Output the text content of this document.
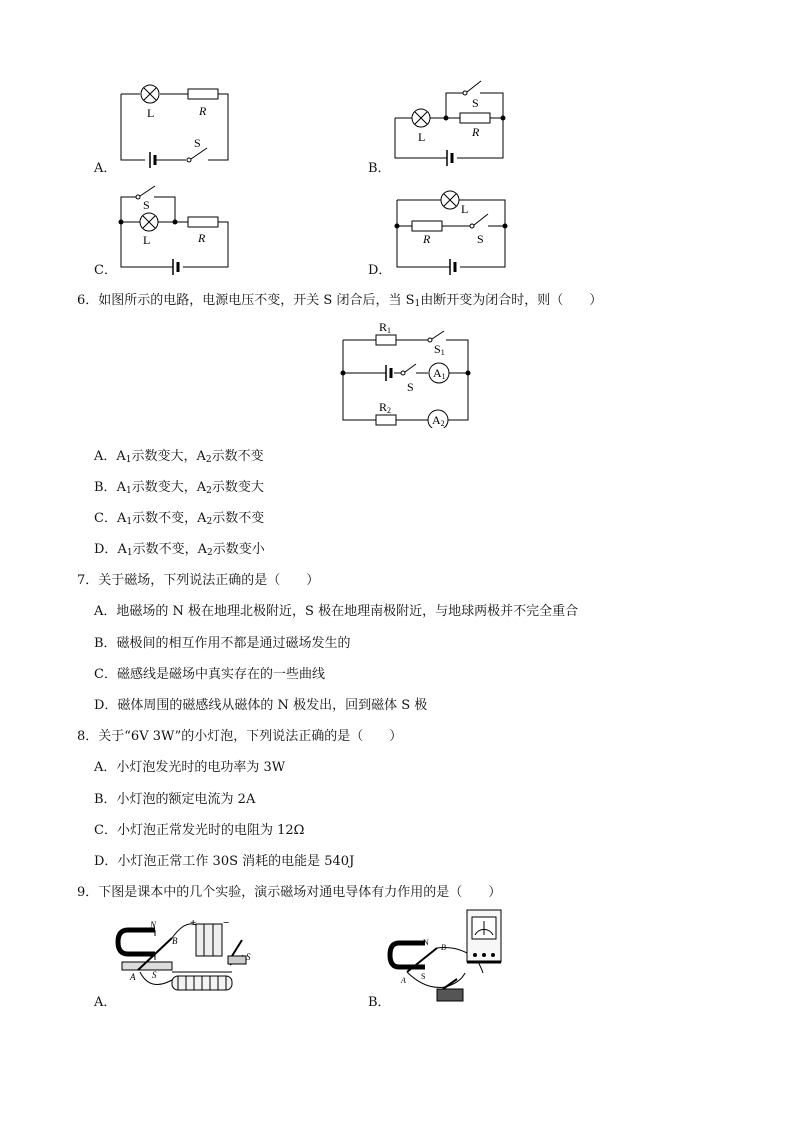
A．
L	R
S
B．
L	R
S
C．
L	R
S
D．
L
R	S
6．如图所示的电路，电源电压不变，开关 S 闭合后，当 $S_1$由断开变为闭合时，则（　　）
R1
S1
S
A1
R2
A2
A．$A_1$示数变大，$A_2$示数不变
B．$A_1$示数变大，$A_2$示数变大
C．$A_1$示数不变，$A_2$示数不变
D．$A_1$示数不变，$A_2$示数变小
7．关于磁场，下列说法正确的是（　　）
A．地磁场的 N 极在地理北极附近，S 极在地理南极附近，与地球两极并不完全重合
B．磁极间的相互作用不都是通过磁场发生的
C．磁感线是磁场中真实存在的一些曲线
D．磁体周围的磁感线从磁体的 N 极发出，回到磁体 S 极
8．关于“6V 3W”的小灯泡，下列说法正确的是（　　）
A．小灯泡发光时的电功率为 3W
B．小灯泡的额定电流为 2A
C．小灯泡正常发光时的电阻为 12Ω
D．小灯泡正常工作 30S 消耗的电能是 540J
9．下图是课本中的几个实验，演示磁场对通电导体有力作用的是（　　）
A．
N
A
B
S
S
+ −
B．
N
B
A S
